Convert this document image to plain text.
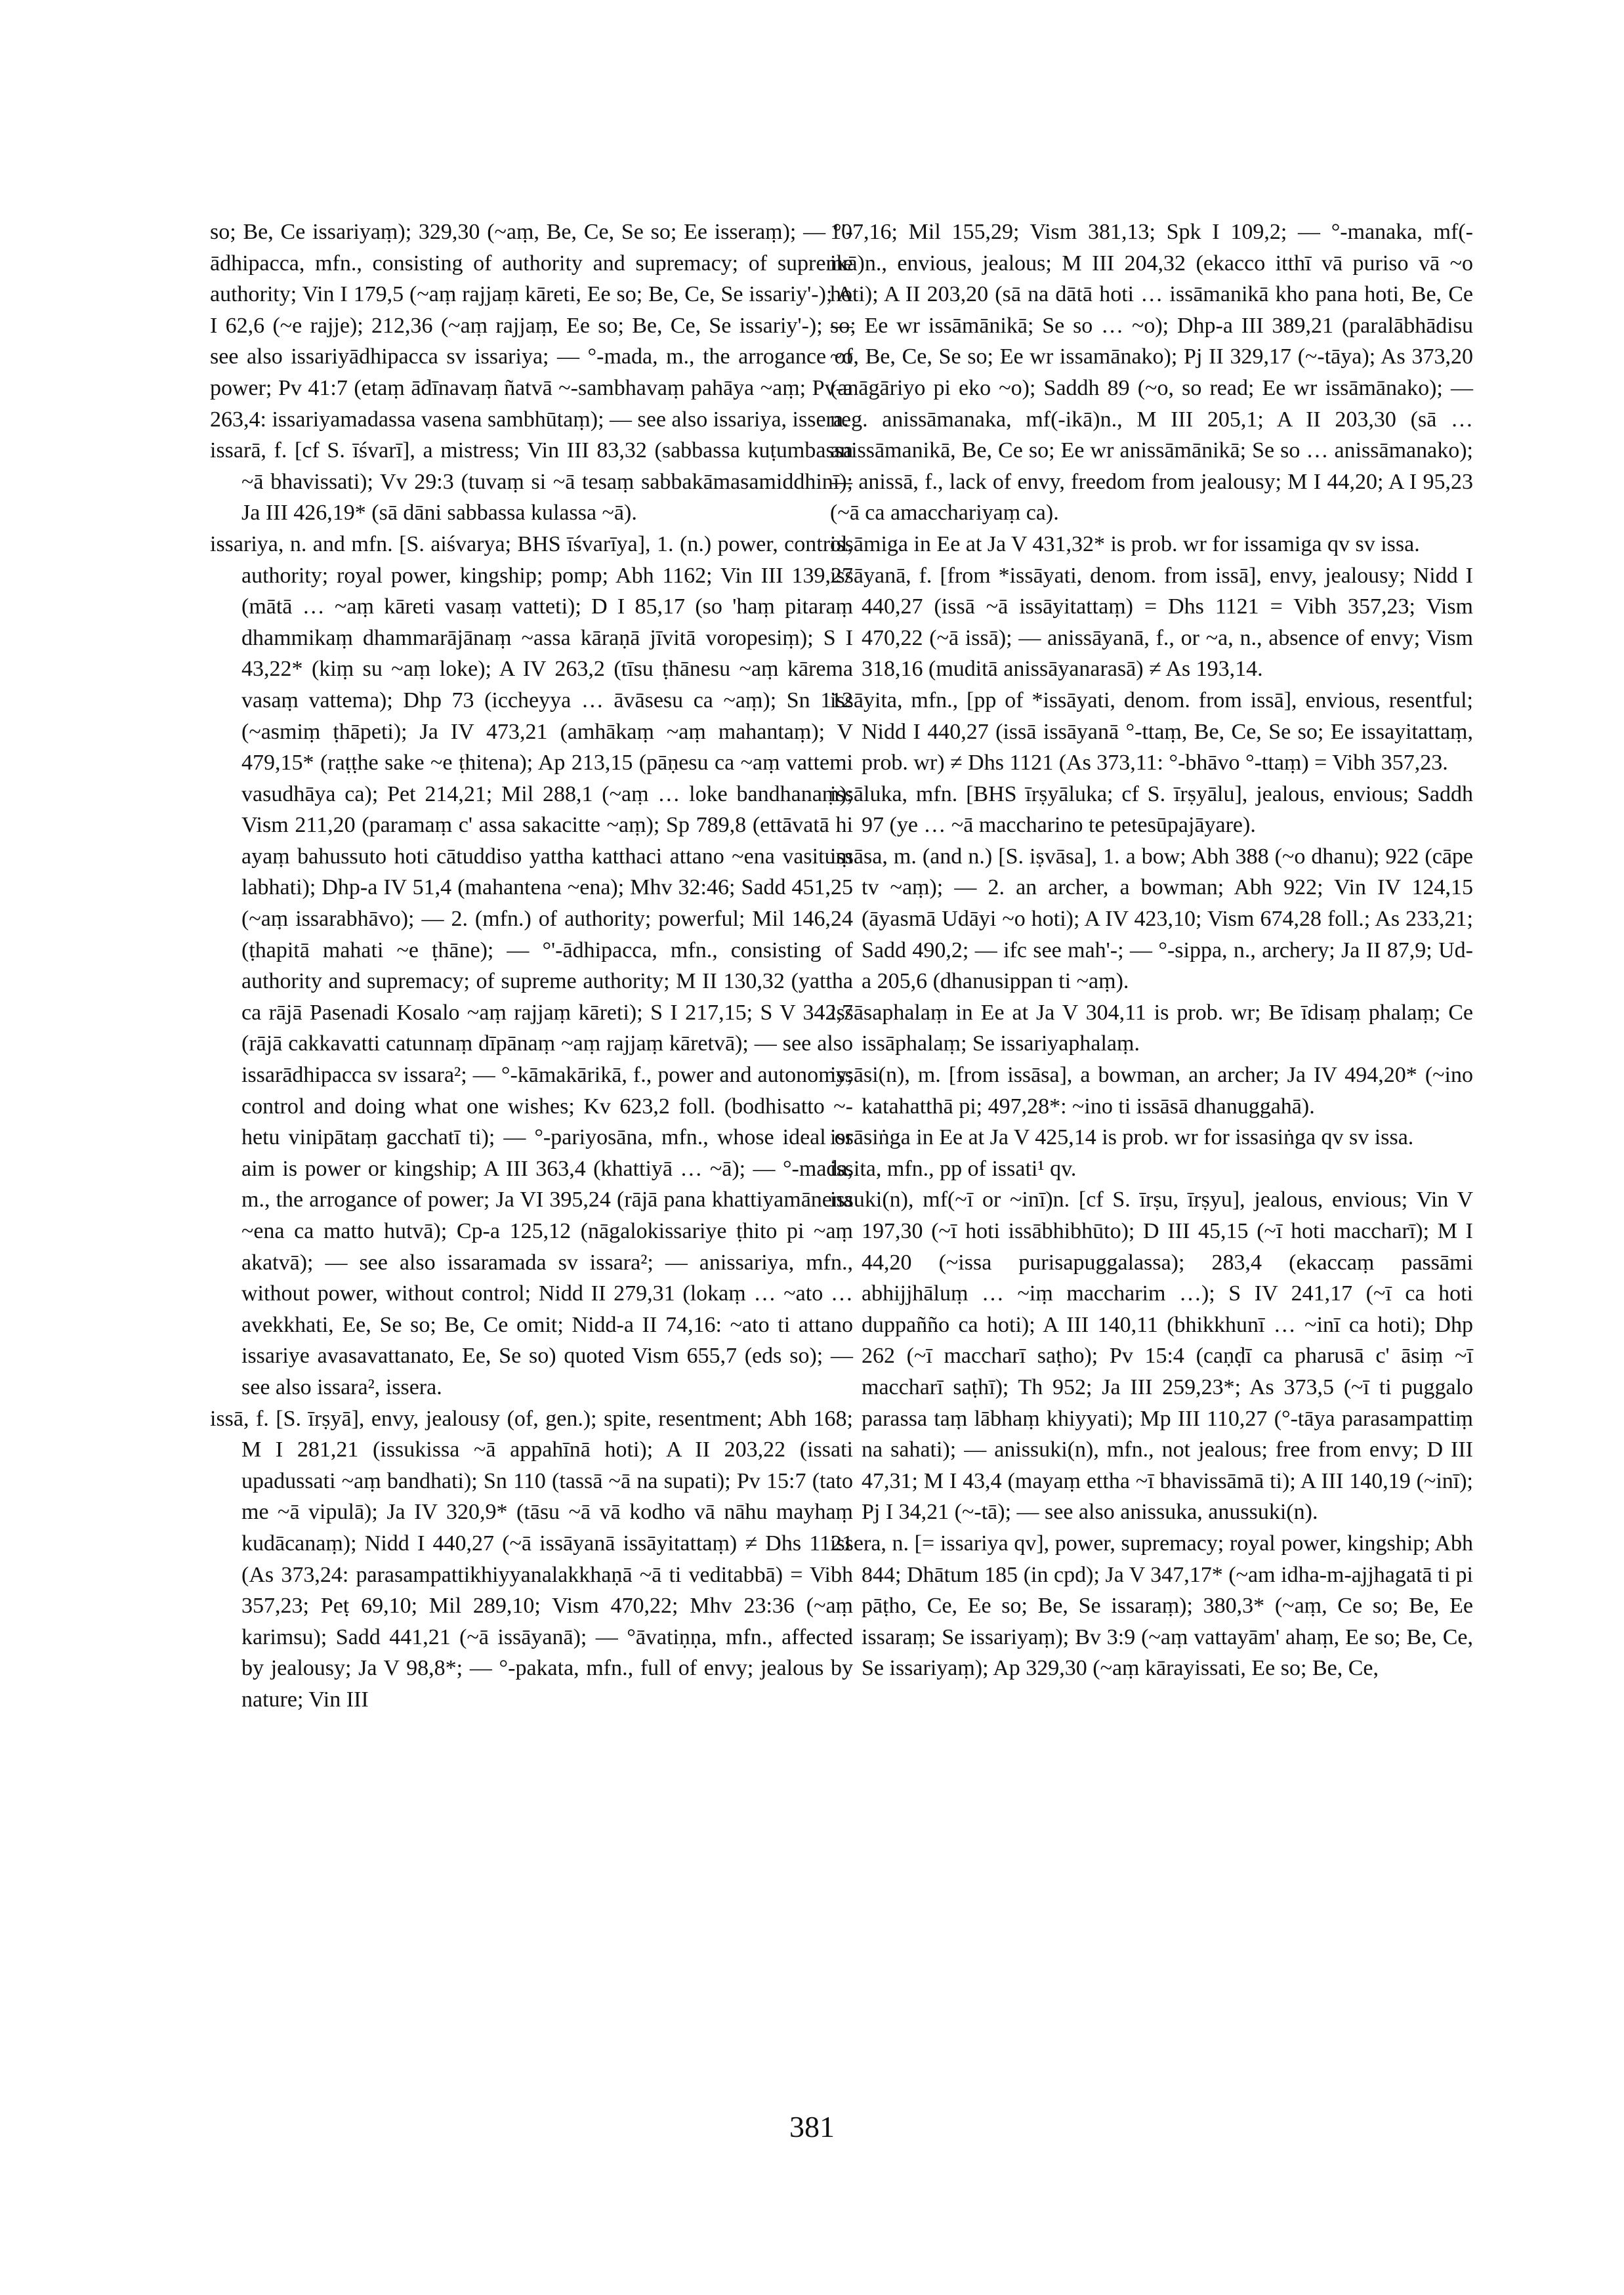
so; Be, Ce issariyaṃ); 329,30 (~aṃ, Be, Ce, Se so; Ee isseraṃ); — °'-ādhipacca, mfn., consisting of authority and supremacy; of supreme authority; Vin I 179,5 (~aṃ rajjaṃ kāreti, Ee so; Be, Ce, Se issariy'-); A I 62,6 (~e rajje); 212,36 (~aṃ rajjaṃ, Ee so; Be, Ce, Se issariy'-); — see also issariyādhipacca sv issariya; — °-mada, m., the arrogance of power; Pv 41:7 (etaṃ ādīnavaṃ ñatvā ~-sambhavaṃ pahāya ~aṃ; Pv-a 263,4: issariyamadassa vasena sambhūtaṃ); — see also issariya, issera.

issarā, f. [cf S. īśvarī], a mistress; Vin III 83,32 (sabbassa kuṭumbassa ~ā bhavissati); Vv 29:3 (tuvaṃ si ~ā tesaṃ sabbakāmasamiddhinī); Ja III 426,19* (sā dāni sabbassa kulassa ~ā).

issariya, n. and mfn. [S. aiśvarya; BHS īśvarīya], 1. (n.) power, control, authority; royal power, kingship; pomp; Abh 1162; Vin III 139,27 (mātā … ~aṃ kāreti vasaṃ vatteti); D I 85,17 (so 'haṃ pitaraṃ dhammikaṃ dhammarājānaṃ ~assa kāraṇā jīvitā voropesiṃ); S I 43,22* (kiṃ su ~aṃ loke); A IV 263,2 (tīsu ṭhānesu ~aṃ kārema vasaṃ vattema); Dhp 73 (iccheyya … āvāsesu ca ~aṃ); Sn 112 (~asmiṃ ṭhāpeti); Ja IV 473,21 (amhākaṃ ~aṃ mahantaṃ); V 479,15* (raṭṭhe sake ~e ṭhitena); Ap 213,15 (pāṇesu ca ~aṃ vattemi vasudhāya ca); Pet 214,21; Mil 288,1 (~aṃ … loke bandhanaṃ); Vism 211,20 (paramaṃ c' assa sakacitte ~aṃ); Sp 789,8 (ettāvatā hi ayaṃ bahussuto hoti cātuddiso yattha katthaci attano ~ena vasituṃ labhati); Dhp-a IV 51,4 (mahantena ~ena); Mhv 32:46; Sadd 451,25 (~aṃ issarabhāvo); — 2. (mfn.) of authority; powerful; Mil 146,24 (ṭhapitā mahati ~e ṭhāne); — °'-ādhipacca, mfn., consisting of authority and supremacy; of supreme authority; M II 130,32 (yattha ca rājā Pasenadi Kosalo ~aṃ rajjaṃ kāreti); S I 217,15; S V 342,7 (rājā cakkavatti catunnaṃ dīpānaṃ ~aṃ rajjaṃ kāretvā); — see also issarādhipacca sv issara²; — °-kāmakārikā, f., power and autonomy; control and doing what one wishes; Kv 623,2 foll. (bodhisatto ~-hetu vinipātaṃ gacchatī ti); — °-pariyosāna, mfn., whose ideal or aim is power or kingship; A III 363,4 (khattiyā … ~ā); — °-mada, m., the arrogance of power; Ja VI 395,24 (rājā pana khattiyamānena ~ena ca matto hutvā); Cp-a 125,12 (nāgalokissariye ṭhito pi ~aṃ akatvā); — see also issaramada sv issara²; — anissariya, mfn., without power, without control; Nidd II 279,31 (lokaṃ … ~ato … avekkhati, Ee, Se so; Be, Ce omit; Nidd-a II 74,16: ~ato ti attano issariye avasavattanato, Ee, Se so) quoted Vism 655,7 (eds so); — see also issara², issera.

issā, f. [S. īrṣyā], envy, jealousy (of, gen.); spite, resentment; Abh 168; M I 281,21 (issukissa ~ā appahīnā hoti); A II 203,22 (issati upadussati ~aṃ bandhati); Sn 110 (tassā ~ā na supati); Pv 15:7 (tato me ~ā vipulā); Ja IV 320,9* (tāsu ~ā vā kodho vā nāhu mayhaṃ kudācanaṃ); Nidd I 440,27 (~ā issāyanā issāyitattaṃ) ≠ Dhs 1121 (As 373,24: parasampattikhiyyanalakkhaṇā ~ā ti veditabbā) = Vibh 357,23; Peṭ 69,10; Mil 289,10; Vism 470,22; Mhv 23:36 (~aṃ karimsu); Sadd 441,21 (~ā issāyanā); — °āvatiṇṇa, mfn., affected by jealousy; Ja V 98,8*; — °-pakata, mfn., full of envy; jealous by nature; Vin III

107,16; Mil 155,29; Vism 381,13; Spk I 109,2; — °-manaka, mf(-ikā)n., envious, jealous; M III 204,32 (ekacco itthī vā puriso vā ~o hoti); A II 203,20 (sā na dātā hoti … issāmanikā kho pana hoti, Be, Ce so; Ee wr issāmānikā; Se so … ~o); Dhp-a III 389,21 (paralābhādisu ~o, Be, Ce, Se so; Ee wr issamānako); Pj II 329,17 (~-tāya); As 373,20 (anāgāriyo pi eko ~o); Saddh 89 (~o, so read; Ee wr issāmānako); — neg. anissāmanaka, mf(-ikā)n., M III 205,1; A II 203,30 (sā … anissāmanikā, Be, Ce so; Ee wr anissāmānikā; Se so … anissāmanako); — anissā, f., lack of envy, freedom from jealousy; M I 44,20; A I 95,23 (~ā ca amacchariyaṃ ca).

issāmiga in Ee at Ja V 431,32* is prob. wr for issamiga qv sv issa.

issāyanā, f. [from *issāyati, denom. from issā], envy, jealousy; Nidd I 440,27 (issā ~ā issāyitattaṃ) = Dhs 1121 = Vibh 357,23; Vism 470,22 (~ā issā); — anissāyanā, f., or ~a, n., absence of envy; Vism 318,16 (muditā anissāyanarasā) ≠ As 193,14.

issāyita, mfn., [pp of *issāyati, denom. from issā], envious, resentful; Nidd I 440,27 (issā issāyanā °-ttaṃ, Be, Ce, Se so; Ee issayitattaṃ, prob. wr) ≠ Dhs 1121 (As 373,11: °-bhāvo °-ttaṃ) = Vibh 357,23.

issāluka, mfn. [BHS īrṣyāluka; cf S. īrṣyālu], jealous, envious; Saddh 97 (ye … ~ā maccharino te petesūpajāyare).

issāsa, m. (and n.) [S. iṣvāsa], 1. a bow; Abh 388 (~o dhanu); 922 (cāpe tv ~aṃ); — 2. an archer, a bowman; Abh 922; Vin IV 124,15 (āyasmā Udāyi ~o hoti); A IV 423,10; Vism 674,28 foll.; As 233,21; Sadd 490,2; — ifc see mah'-; — °-sippa, n., archery; Ja II 87,9; Ud-a 205,6 (dhanusippan ti ~aṃ).

issāsaphalaṃ in Ee at Ja V 304,11 is prob. wr; Be īdisaṃ phalaṃ; Ce issāphalaṃ; Se issariyaphalaṃ.

issāsi(n), m. [from issāsa], a bowman, an archer; Ja IV 494,20* (~ino katahatthā pi; 497,28*: ~ino ti issāsā dhanuggahā).

issāsiṅga in Ee at Ja V 425,14 is prob. wr for issasiṅga qv sv issa.

issita, mfn., pp of issati¹ qv.

issuki(n), mf(~ī or ~inī)n. [cf S. īrṣu, īrṣyu], jealous, envious; Vin V 197,30 (~ī hoti issābhibhūto); D III 45,15 (~ī hoti maccharī); M I 44,20 (~issa purisapuggalassa); 283,4 (ekaccaṃ passāmi abhijjhāluṃ … ~iṃ maccharim …); S IV 241,17 (~ī ca hoti duppañño ca hoti); A III 140,11 (bhikkhunī … ~inī ca hoti); Dhp 262 (~ī maccharī saṭho); Pv 15:4 (caṇḍī ca pharusā c' āsiṃ ~ī maccharī saṭhī); Th 952; Ja III 259,23*; As 373,5 (~ī ti puggalo parassa taṃ lābhaṃ khiyyati); Mp III 110,27 (°-tāya parasampattiṃ na sahati); — anissuki(n), mfn., not jealous; free from envy; D III 47,31; M I 43,4 (mayaṃ ettha ~ī bhavissāmā ti); A III 140,19 (~inī); Pj I 34,21 (~-tā); — see also anissuka, anussuki(n).

issera, n. [= issariya qv], power, supremacy; royal power, kingship; Abh 844; Dhātum 185 (in cpd); Ja V 347,17* (~am idha-m-ajjhagatā ti pi pāṭho, Ce, Ee so; Be, Se issaraṃ); 380,3* (~aṃ, Ce so; Be, Ee issaraṃ; Se issariyaṃ); Bv 3:9 (~aṃ vattayām' ahaṃ, Ee so; Be, Ce, Se issariyaṃ); Ap 329,30 (~aṃ kārayissati, Ee so; Be, Ce,

381
